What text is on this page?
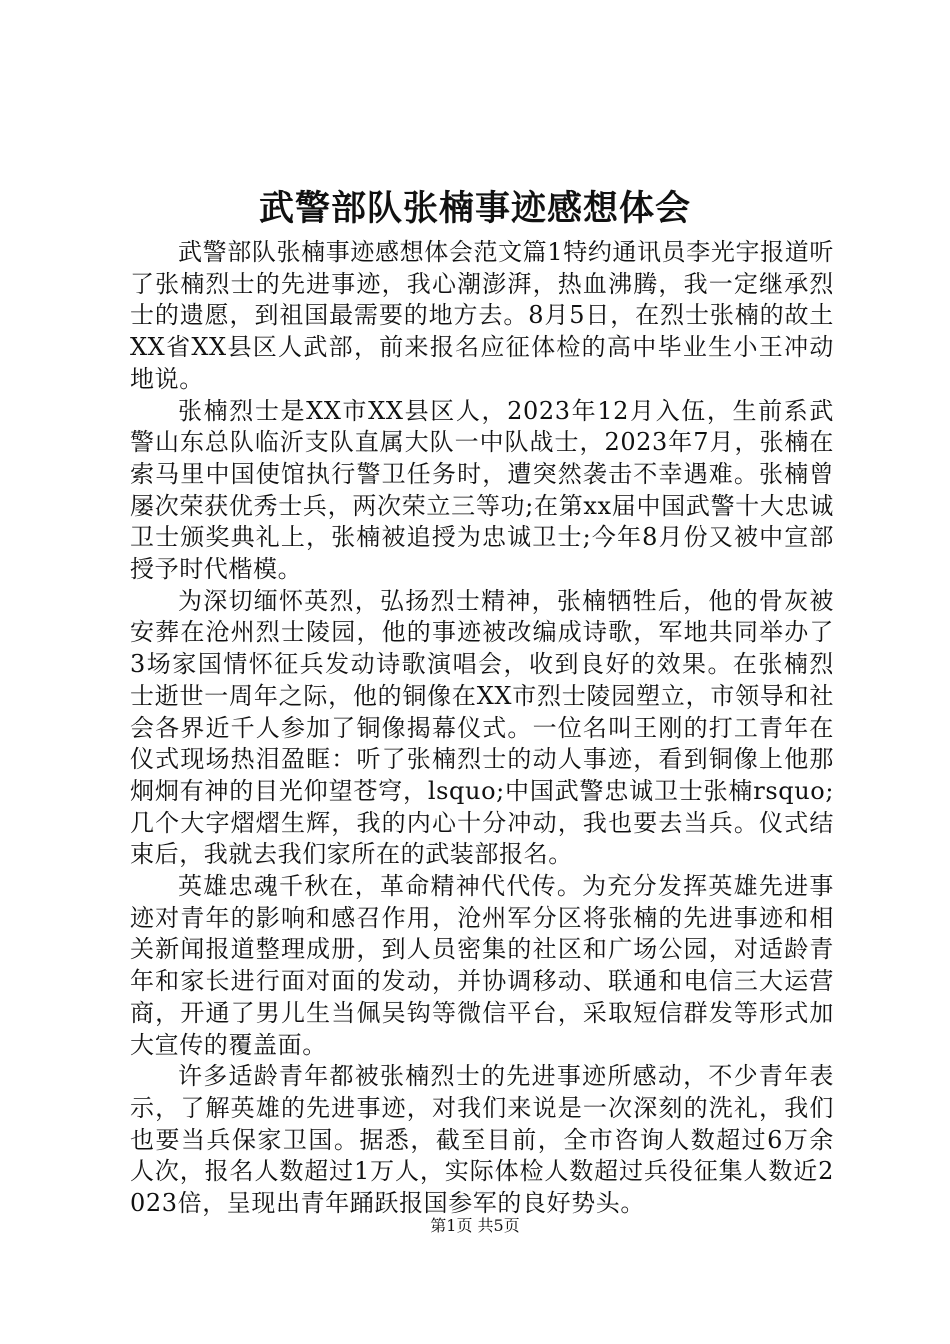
武警部队张楠事迹感想体会

武警部队张楠事迹感想体会范文篇1特约通讯员李光宇报道听了张楠烈士的先进事迹，我心潮澎湃，热血沸腾，我一定继承烈士的遗愿，到祖国最需要的地方去。8月5日，在烈士张楠的故土XX省XX县区人武部，前来报名应征体检的高中毕业生小王冲动地说。

张楠烈士是XX市XX县区人，2023年12月入伍，生前系武警山东总队临沂支队直属大队一中队战士，2023年7月，张楠在索马里中国使馆执行警卫任务时，遭突然袭击不幸遇难。张楠曾屡次荣获优秀士兵，两次荣立三等功;在第xx届中国武警十大忠诚卫士颁奖典礼上，张楠被追授为忠诚卫士;今年8月份又被中宣部授予时代楷模。

为深切缅怀英烈，弘扬烈士精神，张楠牺牲后，他的骨灰被安葬在沧州烈士陵园，他的事迹被改编成诗歌，军地共同举办了3场家国情怀征兵发动诗歌演唱会，收到良好的效果。在张楠烈士逝世一周年之际，他的铜像在XX市烈士陵园塑立，市领导和社会各界近千人参加了铜像揭幕仪式。一位名叫王刚的打工青年在仪式现场热泪盈眶：听了张楠烈士的动人事迹，看到铜像上他那炯炯有神的目光仰望苍穹，lsquo;中国武警忠诚卫士张楠rsquo;几个大字熠熠生辉，我的内心十分冲动，我也要去当兵。仪式结束后，我就去我们家所在的武装部报名。

英雄忠魂千秋在，革命精神代代传。为充分发挥英雄先进事迹对青年的影响和感召作用，沧州军分区将张楠的先进事迹和相关新闻报道整理成册，到人员密集的社区和广场公园，对适龄青年和家长进行面对面的发动，并协调移动、联通和电信三大运营商，开通了男儿生当佩吴钩等微信平台，采取短信群发等形式加大宣传的覆盖面。

许多适龄青年都被张楠烈士的先进事迹所感动，不少青年表示，了解英雄的先进事迹，对我们来说是一次深刻的洗礼，我们也要当兵保家卫国。据悉，截至目前，全市咨询人数超过6万余人次，报名人数超过1万人，实际体检人数超过兵役征集人数近2023倍，呈现出青年踊跃报国参军的良好势头。

第1页 共5页
